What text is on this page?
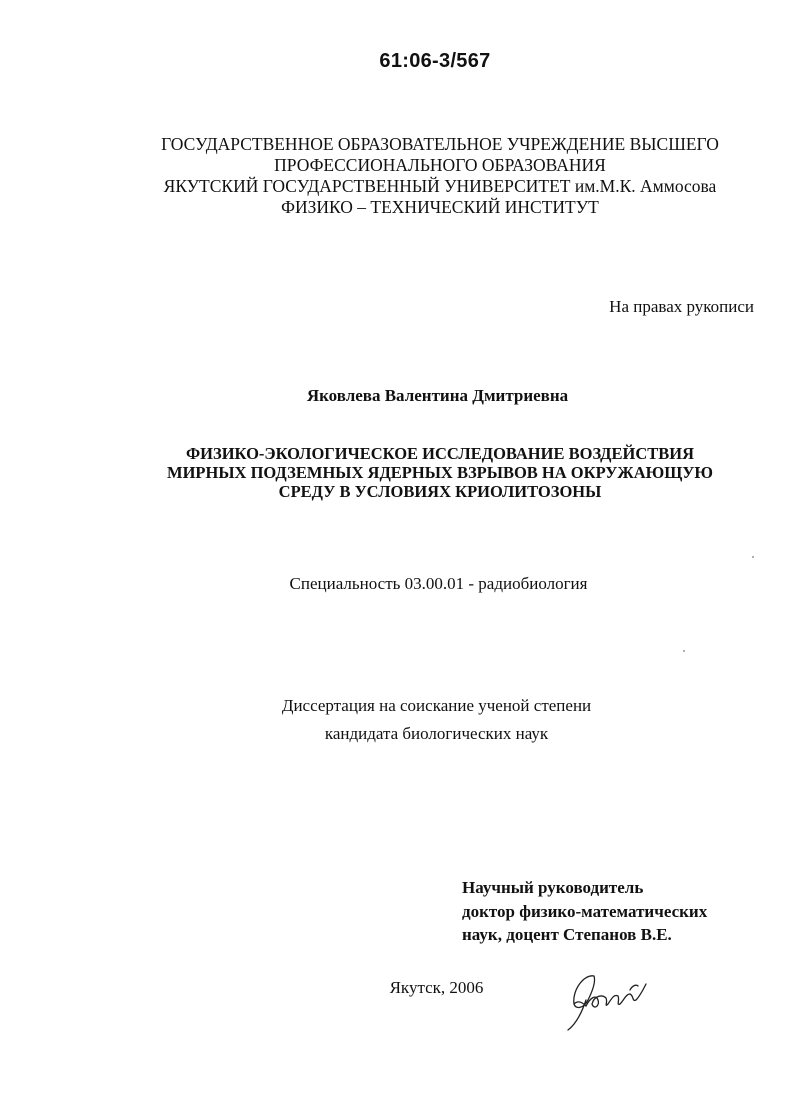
61:06-3/567
ГОСУДАРСТВЕННОЕ ОБРАЗОВАТЕЛЬНОЕ УЧРЕЖДЕНИЕ ВЫСШЕГО
ПРОФЕССИОНАЛЬНОГО ОБРАЗОВАНИЯ
ЯКУТСКИЙ ГОСУДАРСТВЕННЫЙ УНИВЕРСИТЕТ им.М.К. Аммосова
ФИЗИКО – ТЕХНИЧЕСКИЙ ИНСТИТУТ
На правах рукописи
Яковлева Валентина Дмитриевна
ФИЗИКО-ЭКОЛОГИЧЕСКОЕ ИССЛЕДОВАНИЕ ВОЗДЕЙСТВИЯ
МИРНЫХ ПОДЗЕМНЫХ ЯДЕРНЫХ ВЗРЫВОВ НА ОКРУЖАЮЩУЮ
СРЕДУ В УСЛОВИЯХ КРИОЛИТОЗОНЫ
Специальность 03.00.01 - радиобиология
Диссертация на соискание ученой степени
кандидата биологических наук
Научный руководитель
доктор физико-математических
наук, доцент Степанов В.Е.
Якутск, 2006
